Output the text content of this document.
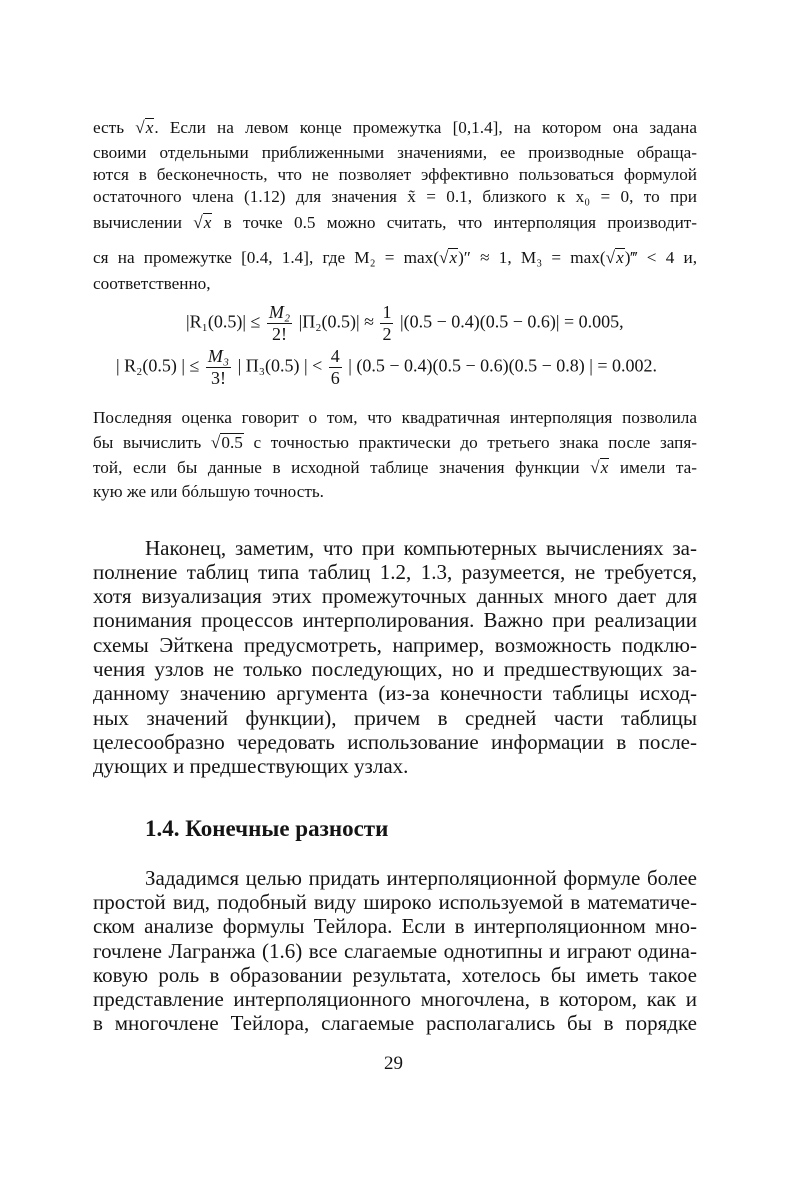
есть √x. Если на левом конце промежутка [0,1.4], на котором она задана
своими отдельными приближенными значениями, ее производные обраща-
ются в бесконечность, что не позволяет эффективно пользоваться формулой
остаточного члена (1.12) для значения x̃ = 0.1, близкого к x₀ = 0, то при
вычислении √x в точке 0.5 можно считать, что интерполяция производит-
ся на промежутке [0.4, 1.4], где M₂ = max(√x)″ ≈ 1, M₃ = max(√x)‴ < 4 и,
соответственно,
$|R_1(0.5)| \le \frac{\text{M₂}}{2!} |\Pi_2(0.5)| \approx \frac{1}{2} |(0.5 - 0.4)(0.5 - 0.6)| = 0.005$,
| R₂(0.5) | ≤ $\frac{\text{M₃}}{3!}$ | Π₃(0.5) | < $\frac{4}{6}$ | (0.5 − 0.4)(0.5 − 0.6)(0.5 − 0.8) | = 0.002.
Последняя оценка говорит о том, что квадратичная интерполяция позволила
бы вычислить √0.5 с точностью практически до третьего знака после запя-
той, если бы данные в исходной таблице значения функции √x имели та-
кую же или бóльшую точность.
Наконец, заметим, что при компьютерных вычислениях за-
полнение таблиц типа таблиц 1.2, 1.3, разумеется, не требуется,
хотя визуализация этих промежуточных данных много дает для
понимания процессов интерполирования. Важно при реализации
схемы Эйткена предусмотреть, например, возможность подклю-
чения узлов не только последующих, но и предшествующих за-
данному значению аргумента (из-за конечности таблицы исход-
ных значений функции), причем в средней части таблицы
целесообразно чередовать использование информации в после-
дующих и предшествующих узлах.
1.4. Конечные разности
Зададимся целью придать интерполяционной формуле более
простой вид, подобный виду широко используемой в математиче-
ском анализе формулы Тейлора. Если в интерполяционном мно-
гочлене Лагранжа (1.6) все слагаемые однотипны и играют одина-
ковую роль в образовании результата, хотелось бы иметь такое
представление интерполяционного многочлена, в котором, как и
в многочлене Тейлора, слагаемые располагались бы в порядке
29
